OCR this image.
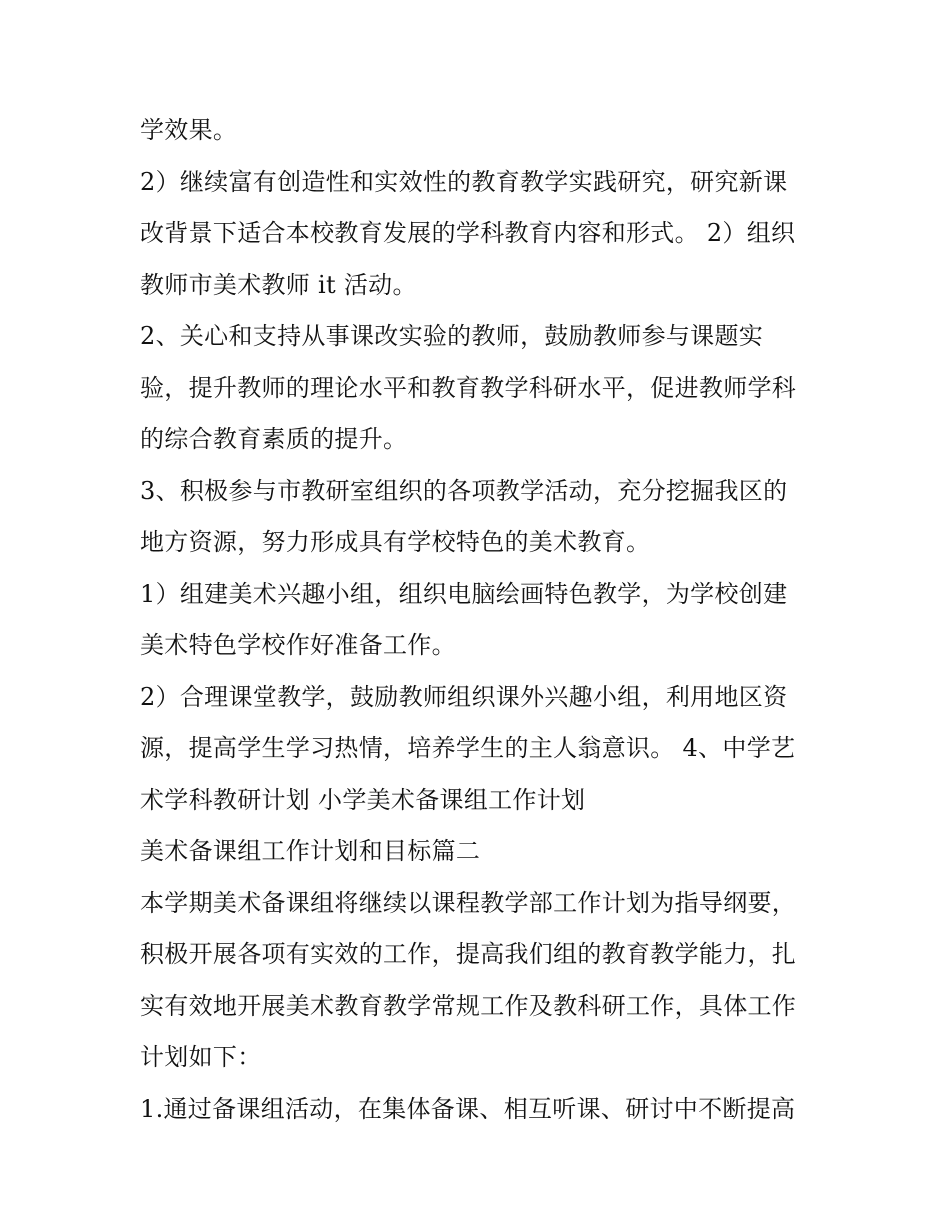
学效果。
2）继续富有创造性和实效性的教育教学实践研究，研究新课
改背景下适合本校教育发展的学科教育内容和形式。 2）组织
教师市美术教师 it 活动。
2、关心和支持从事课改实验的教师，鼓励教师参与课题实
验，提升教师的理论水平和教育教学科研水平，促进教师学科
的综合教育素质的提升。
3、积极参与市教研室组织的各项教学活动，充分挖掘我区的
地方资源，努力形成具有学校特色的美术教育。
1）组建美术兴趣小组，组织电脑绘画特色教学，为学校创建
美术特色学校作好准备工作。
2）合理课堂教学，鼓励教师组织课外兴趣小组，利用地区资
源，提高学生学习热情，培养学生的主人翁意识。 4、中学艺
术学科教研计划 小学美术备课组工作计划
美术备课组工作计划和目标篇二
本学期美术备课组将继续以课程教学部工作计划为指导纲要，
积极开展各项有实效的工作，提高我们组的教育教学能力，扎
实有效地开展美术教育教学常规工作及教科研工作，具体工作
计划如下：
1.通过备课组活动，在集体备课、相互听课、研讨中不断提高
